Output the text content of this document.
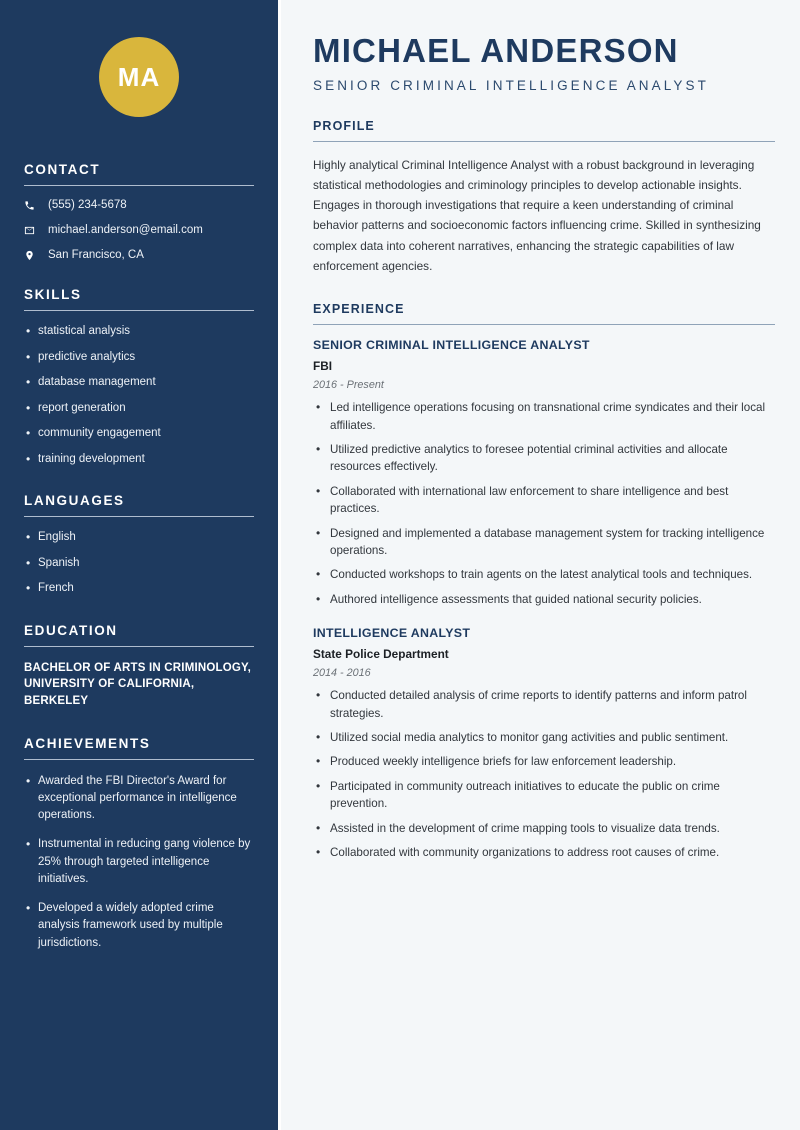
MA
CONTACT
(555) 234-5678
michael.anderson@email.com
San Francisco, CA
SKILLS
• statistical analysis
• predictive analytics
• database management
• report generation
• community engagement
• training development
LANGUAGES
• English
• Spanish
• French
EDUCATION
BACHELOR OF ARTS IN CRIMINOLOGY,
UNIVERSITY OF CALIFORNIA, BERKELEY
ACHIEVEMENTS
• Awarded the FBI Director's Award for exceptional performance in intelligence operations.
• Instrumental in reducing gang violence by 25% through targeted intelligence initiatives.
• Developed a widely adopted crime analysis framework used by multiple jurisdictions.
MICHAEL ANDERSON
SENIOR CRIMINAL INTELLIGENCE ANALYST
PROFILE

Highly analytical Criminal Intelligence Analyst with a robust background in leveraging statistical methodologies and criminology principles to develop actionable insights. Engages in thorough investigations that require a keen understanding of criminal behavior patterns and socioeconomic factors influencing crime. Skilled in synthesizing complex data into coherent narratives, enhancing the strategic capabilities of law enforcement agencies.

EXPERIENCE
SENIOR CRIMINAL INTELLIGENCE ANALYST
FBI
2016 - Present
• Led intelligence operations focusing on transnational crime syndicates and their local affiliates.
• Utilized predictive analytics to foresee potential criminal activities and allocate resources effectively.
• Collaborated with international law enforcement to share intelligence and best practices.
• Designed and implemented a database management system for tracking intelligence operations.
• Conducted workshops to train agents on the latest analytical tools and techniques.
• Authored intelligence assessments that guided national security policies.
INTELLIGENCE ANALYST
State Police Department
2014 - 2016
• Conducted detailed analysis of crime reports to identify patterns and inform patrol strategies.
• Utilized social media analytics to monitor gang activities and public sentiment.
• Produced weekly intelligence briefs for law enforcement leadership.
• Participated in community outreach initiatives to educate the public on crime prevention.
• Assisted in the development of crime mapping tools to visualize data trends.
• Collaborated with community organizations to address root causes of crime.
